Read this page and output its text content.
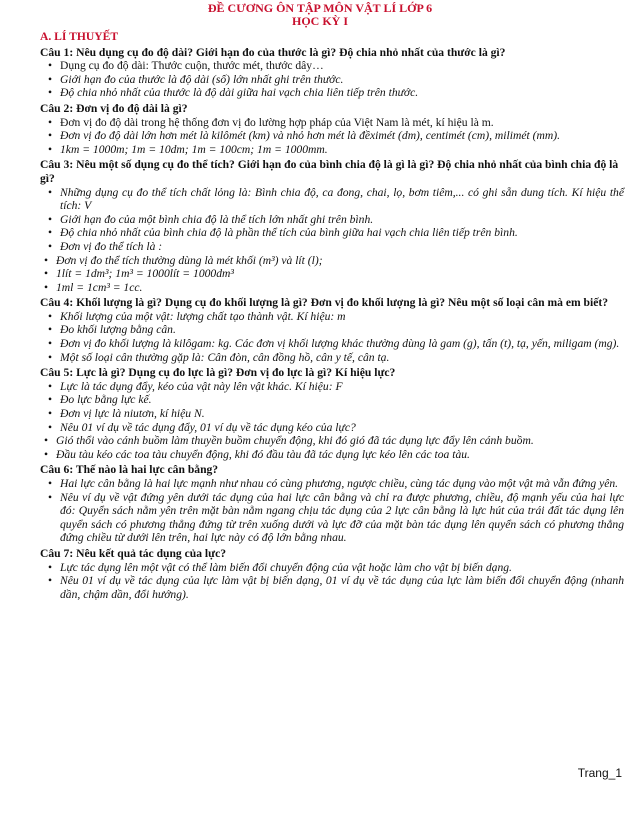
ĐỀ CƯƠNG ÔN TẬP MÔN VẬT LÍ LỚP 6
HỌC KỲ I

A. LÍ THUYẾT

Câu 1: Nêu dụng cụ đo độ dài? Giới hạn đo của thước là gì? Độ chia nhỏ nhất của thước là gì?

• Dụng cụ đo độ dài: Thước cuộn, thước mét, thước dây…
• Giới hạn đo của thước là độ dài (số) lớn nhất ghi trên thước.
• Độ chia nhỏ nhất của thước là độ dài giữa hai vạch chia liên tiếp trên thước.

Câu 2: Đơn vị đo độ dài là gì?

• Đơn vị đo độ dài trong hệ thống đơn vị đo lường hợp pháp của Việt Nam là mét, kí hiệu là m.
• Đơn vị đo độ dài lớn hơn mét là kilômét (km) và nhỏ hơn mét là đềximét (dm), centimét (cm), milimét (mm).
• 1km = 1000m; 1m = 10dm; 1m = 100cm; 1m = 1000mm.

Câu 3: Nêu một số dụng cụ đo thể tích? Giới hạn đo của bình chia độ là gì là gì? Độ chia nhỏ nhất của bình chia độ là gì?

• Những dụng cụ đo thể tích chất lỏng là: Bình chia độ, ca đong, chai, lọ, bơm tiêm,... có ghi sẵn dung tích. Kí hiệu thể tích: V
• Giới hạn đo của một bình chia độ là thể tích lớn nhất ghi trên bình.
• Độ chia nhỏ nhất của bình chia độ là phần thể tích của bình giữa hai vạch chia liên tiếp trên bình.
• Đơn vị đo thể tích là :
• Đơn vị đo thể tích thường dùng là mét khối (m³) và lít (l);
• 1lít = 1dm³; 1m³ = 1000lít = 1000dm³
• 1ml = 1cm³ = 1cc.

Câu 4: Khối lượng là gì? Dụng cụ đo khối lượng là gì? Đơn vị đo khối lượng là gì? Nêu một số loại cân mà em biết?

• Khối lượng của một vật: lượng chất tạo thành vật. Kí hiệu: m
• Đo khối lượng bằng cân.
• Đơn vị đo khối lượng là kilôgam: kg. Các đơn vị khối lượng khác thường dùng là gam (g), tấn (t), tạ, yến, miligam (mg).
• Một số loại cân thường gặp là: Cân đòn, cân đồng hồ, cân y tế, cân tạ.

Câu 5: Lực là gì? Dụng cụ đo lực là gì? Đơn vị đo lực là gì? Kí hiệu lực?

• Lực là tác dụng đẩy, kéo của vật này lên vật khác. Kí hiệu: F
• Đo lực bằng lực kế.
• Đơn vị lực là niutơn, kí hiệu N.
• Nêu 01 ví dụ về tác dụng đẩy, 01 ví dụ về tác dụng kéo của lực?
• Gió thổi vào cánh buồm làm thuyền buồm chuyển động, khi đó gió đã tác dụng lực đẩy lên cánh buồm.
• Đầu tàu kéo các toa tàu chuyển động, khi đó đầu tàu đã tác dụng lực kéo lên các toa tàu.

Câu 6: Thế nào là hai lực cân bằng?

• Hai lực cân bằng là hai lực mạnh như nhau có cùng phương, ngược chiều, cùng tác dụng vào một vật mà vẫn đứng yên.
• Nêu ví dụ về vật đứng yên dưới tác dụng của hai lực cân bằng và chỉ ra được phương, chiều, độ mạnh yếu của hai lực đó: Quyển sách nằm yên trên mặt bàn nằm ngang chịu tác dụng của 2 lực cân bằng là lực hút của trái đất tác dụng lên quyển sách có phương thẳng đứng từ trên xuống dưới và lực đỡ của mặt bàn tác dụng lên quyển sách có phương thẳng đứng chiều từ dưới lên trên, hai lực này có độ lớn bằng nhau.

Câu 7: Nêu kết quả tác dụng của lực?

• Lực tác dụng lên một vật có thể làm biến đổi chuyển động của vật hoặc làm cho vật bị biến dạng.
• Nêu 01 ví dụ về tác dụng của lực làm vật bị biến dạng, 01 ví dụ về tác dụng của lực làm biến đổi chuyển động (nhanh dần, chậm dần, đổi hướng).
Trang_1
